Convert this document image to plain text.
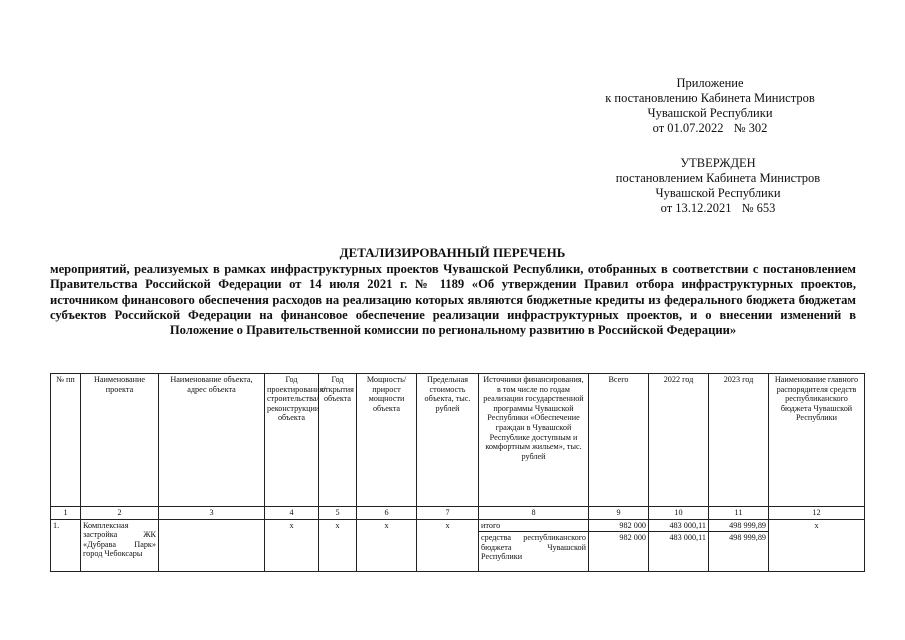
Приложение
к постановлению Кабинета Министров
Чувашской Республики
от 01.07.2022 № 302
УТВЕРЖДЕН
постановлением Кабинета Министров
Чувашской Республики
от 13.12.2021 № 653
ДЕТАЛИЗИРОВАННЫЙ ПЕРЕЧЕНЬ
мероприятий, реализуемых в рамках инфраструктурных проектов Чувашской Республики, отобранных в соответствии с постановлением Правительства Российской Федерации от 14 июля 2021 г. № 1189 «Об утверждении Правил отбора инфраструктурных проектов, источником финансового обеспечения расходов на реализацию которых являются бюджетные кредиты из федерального бюджета бюджетам субъектов Российской Федерации на финансовое обеспечение реализации инфраструктурных проектов, и о внесении изменений в Положение о Правительственной комиссии по региональному развитию в Российской Федерации»
№ пп	Наименование проекта	Наименование объекта, адрес объекта	Год проектирования/ строительства/ реконструкции объекта	Год открытия объекта	Мощность/ прирост мощности объекта	Предельная стоимость объекта, тыс. рублей	Источники финансирования, в том числе по годам реализации государственной программы Чувашской Республики «Обеспечение граждан в Чувашской Республике доступным и комфортным жильем», тыс. рублей	Всего	2022 год	2023 год	Наименование главного распорядителя средств республиканского бюджета Чувашской Республики
1	2	3	4	5	6	7	8	9	10	11	12
1.	Комплексная застройка ЖК «Дубрава Парк» город Чебоксары		x	x	x	x	итого	982 000	483 000,11	498 999,89	x
							средства республиканского бюджета Чувашской Республики	982 000	483 000,11	498 999,89	
